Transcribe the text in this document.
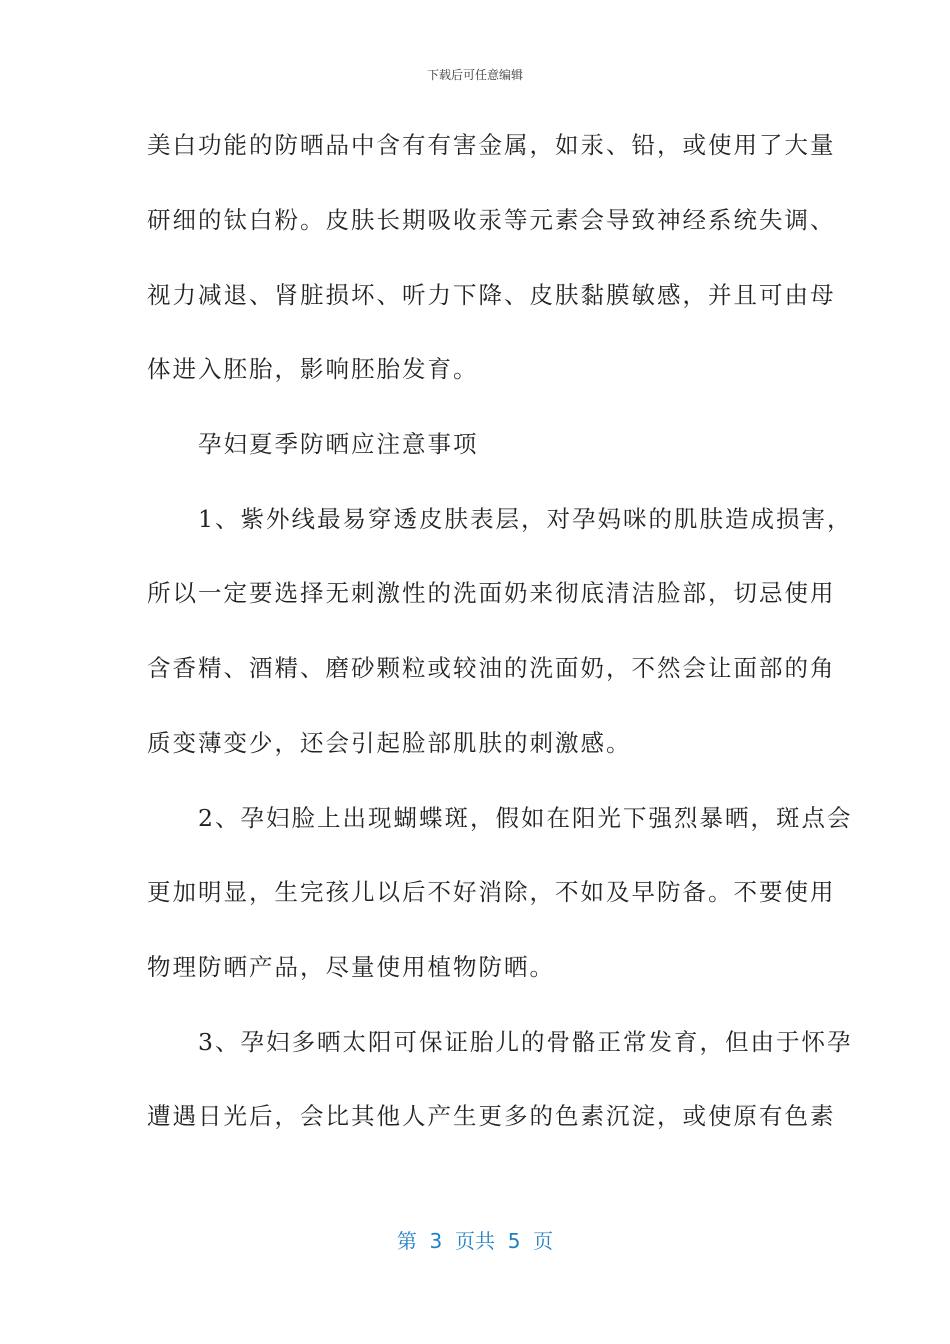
下载后可任意编辑
美白功能的防晒品中含有有害金属，如汞、铅，或使用了大量
研细的钛白粉。皮肤长期吸收汞等元素会导致神经系统失调、
视力减退、肾脏损坏、听力下降、皮肤黏膜敏感，并且可由母
体进入胚胎，影响胚胎发育。
　　孕妇夏季防晒应注意事项
　　1、紫外线最易穿透皮肤表层，对孕妈咪的肌肤造成损害，
所以一定要选择无刺激性的洗面奶来彻底清洁脸部，切忌使用
含香精、酒精、磨砂颗粒或较油的洗面奶，不然会让面部的角
质变薄变少，还会引起脸部肌肤的刺激感。
　　2、孕妇脸上出现蝴蝶斑，假如在阳光下强烈暴晒，斑点会
更加明显，生完孩儿以后不好消除，不如及早防备。不要使用
物理防晒产品，尽量使用植物防晒。
　　3、孕妇多晒太阳可保证胎儿的骨骼正常发育，但由于怀孕
遭遇日光后，会比其他人产生更多的色素沉淀，或使原有色素
第  3  页共  5  页
